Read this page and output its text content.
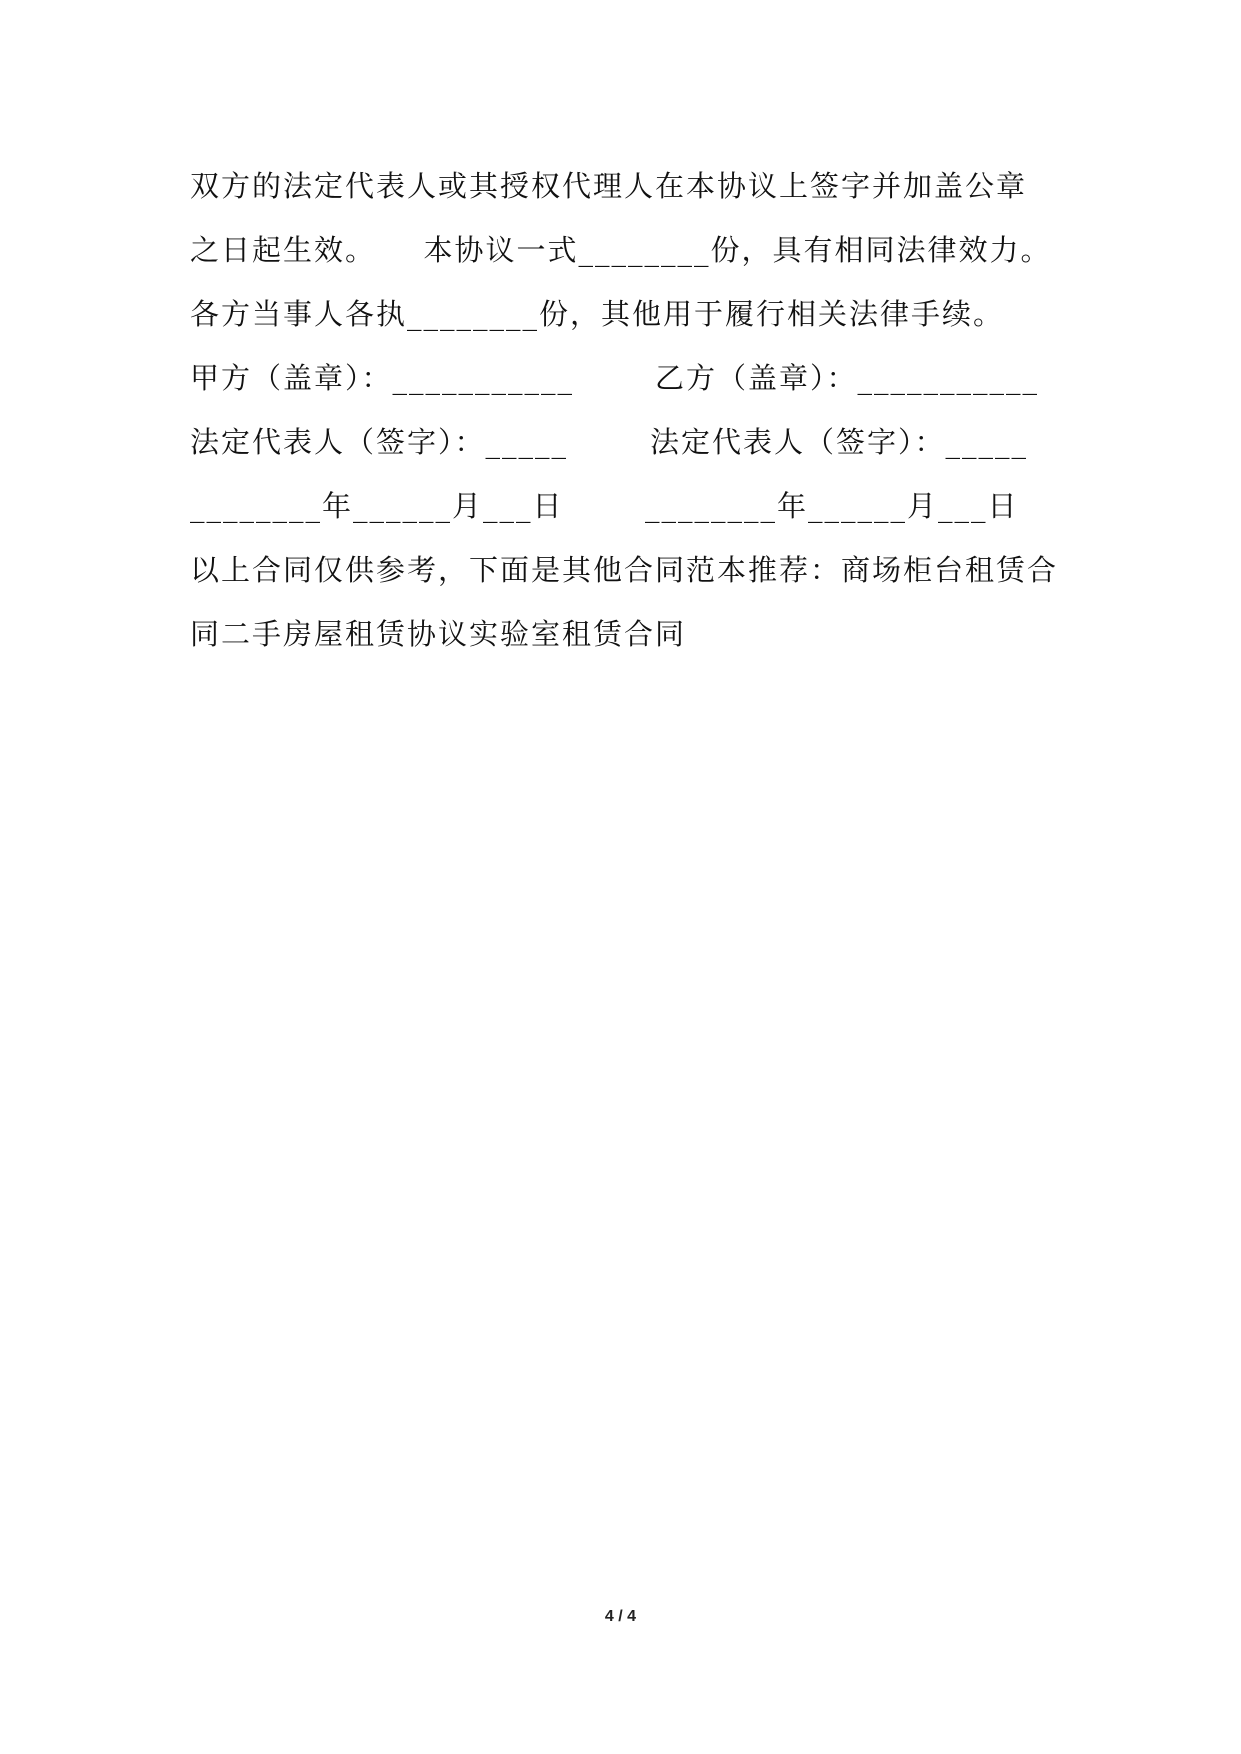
双方的法定代表人或其授权代理人在本协议上签字并加盖公章
之日起生效。　　本协议一式________份，具有相同法律效力。
各方当事人各执________份，其他用于履行相关法律手续。
甲方（盖章）：___________	乙方（盖章）：___________
法定代表人（签字）：_____	法定代表人（签字）：_____
________年______月___日	________年______月___日
以上合同仅供参考，下面是其他合同范本推荐：商场柜台租赁合
同二手房屋租赁协议实验室租赁合同
4 / 4
